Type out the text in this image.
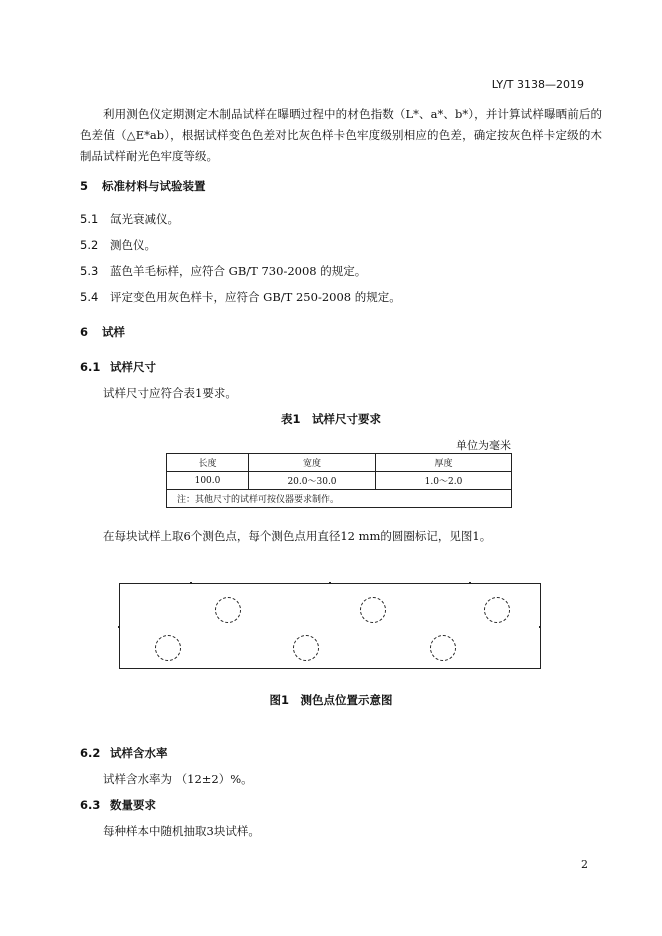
LY/T 3138—2019

利用测色仪定期测定木制品试样在曝晒过程中的材色指数（L*、a*、b*），并计算试样曝晒前后的色差值（△E*ab），根据试样变色色差对比灰色样卡色牢度级别相应的色差，确定按灰色样卡定级的木制品试样耐光色牢度等级。

5 标准材料与试验装置
5.1 氙光衰减仪。
5.2 测色仪。
5.3 蓝色羊毛标样，应符合 GB/T 730-2008 的规定。
5.4 评定变色用灰色样卡，应符合 GB/T 250-2008 的规定。
6 试样
6.1 试样尺寸
试样尺寸应符合表1要求。
表1　试样尺寸要求
单位为毫米
长度	宽度	厚度
100.0	20.0～30.0	1.0～2.0
注：其他尺寸的试样可按仪器要求制作。		
在每块试样上取6个测色点，每个测色点用直径12 mm的圆圈标记，见图1。
图1　测色点位置示意图
6.2 试样含水率
试样含水率为 （12±2）%。
6.3 数量要求
每种样本中随机抽取3块试样。
2
